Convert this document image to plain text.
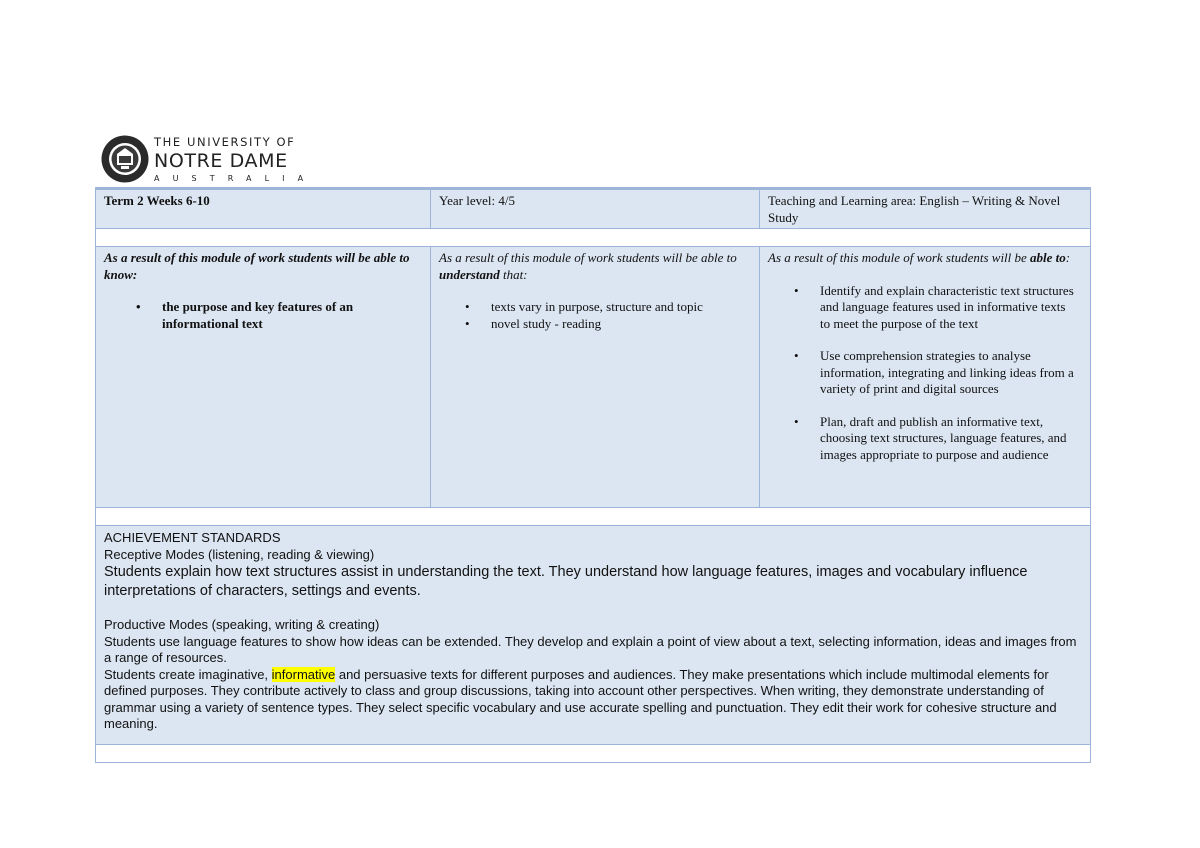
THE UNIVERSITY OF
NOTRE DAME
AUSTRALIA
Term 2 Weeks 6-10	Year level: 4/5	Teaching and Learning area: English – Writing & Novel Study
As a result of this module of work students will be able to know:
• the purpose and key features of an informational text
As a result of this module of work students will be able to understand that:
• texts vary in purpose, structure and topic
• novel study - reading
As a result of this module of work students will be able to:
• Identify and explain characteristic text structures and language features used in informative texts to meet the purpose of the text
• Use comprehension strategies to analyse information, integrating and linking ideas from a variety of print and digital sources
• Plan, draft and publish an informative text, choosing text structures, language features, and images appropriate to purpose and audience
ACHIEVEMENT STANDARDS
Receptive Modes (listening, reading & viewing)
Students explain how text structures assist in understanding the text. They understand how language features, images and vocabulary influence interpretations of characters, settings and events.
Productive Modes (speaking, writing & creating)
Students use language features to show how ideas can be extended. They develop and explain a point of view about a text, selecting information, ideas and images from a range of resources.
Students create imaginative, informative and persuasive texts for different purposes and audiences. They make presentations which include multimodal elements for defined purposes. They contribute actively to class and group discussions, taking into account other perspectives. When writing, they demonstrate understanding of grammar using a variety of sentence types. They select specific vocabulary and use accurate spelling and punctuation. They edit their work for cohesive structure and meaning.
